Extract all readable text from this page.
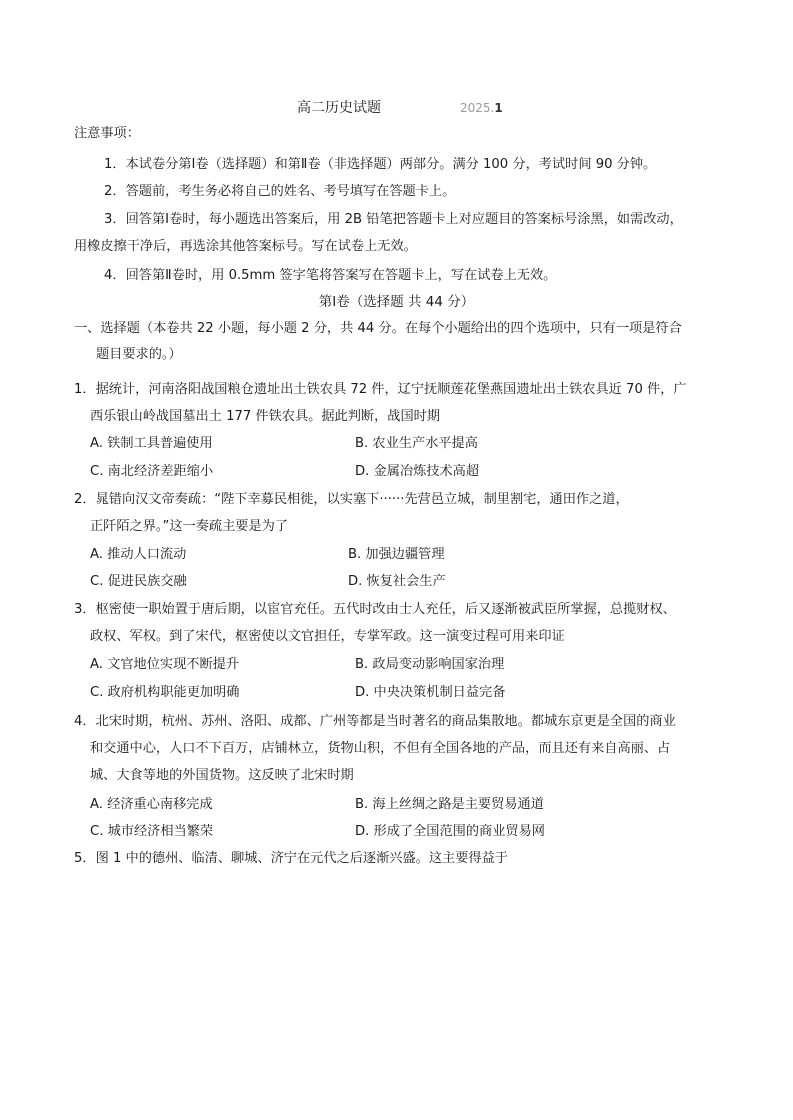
高二历史试题	2025.1
注意事项：
1．本试卷分第Ⅰ卷（选择题）和第Ⅱ卷（非选择题）两部分。满分 100 分，考试时间 90 分钟。
2．答题前，考生务必将自己的姓名、考号填写在答题卡上。
3．回答第Ⅰ卷时，每小题选出答案后，用 2B 铅笔把答题卡上对应题目的答案标号涂黑，如需改动，
用橡皮擦干净后，再选涂其他答案标号。写在试卷上无效。
4．回答第Ⅱ卷时，用 0.5mm 签字笔将答案写在答题卡上，写在试卷上无效。
第Ⅰ卷（选择题 共 44 分）
一、选择题（本卷共 22 小题，每小题 2 分，共 44 分。在每个小题给出的四个选项中，只有一项是符合
题目要求的。）
1．据统计，河南洛阳战国粮仓遗址出土铁农具 72 件，辽宁抚顺莲花堡燕国遗址出土铁农具近 70 件，广
西乐银山岭战国墓出土 177 件铁农具。据此判断，战国时期
A. 铁制工具普遍使用	B. 农业生产水平提高
C. 南北经济差距缩小	D. 金属冶炼技术高超
2．晁错向汉文帝奏疏：“陛下幸募民相徙，以实塞下······先营邑立城，制里割宅，通田作之道，
正阡陌之界。”这一奏疏主要是为了
A. 推动人口流动	B. 加强边疆管理
C. 促进民族交融	D. 恢复社会生产
3．枢密使一职始置于唐后期，以宦官充任。五代时改由士人充任，后又逐渐被武臣所掌握，总揽财权、
政权、军权。到了宋代，枢密使以文官担任，专掌军政。这一演变过程可用来印证
A. 文官地位实现不断提升	B. 政局变动影响国家治理
C. 政府机构职能更加明确	D. 中央决策机制日益完备
4．北宋时期，杭州、苏州、洛阳、成都、广州等都是当时著名的商品集散地。都城东京更是全国的商业
和交通中心，人口不下百万，店铺林立，货物山积，不但有全国各地的产品，而且还有来自高丽、占
城、大食等地的外国货物。这反映了北宋时期
A. 经济重心南移完成	B. 海上丝绸之路是主要贸易通道
C. 城市经济相当繁荣	D. 形成了全国范围的商业贸易网
5．图 1 中的德州、临清、聊城、济宁在元代之后逐渐兴盛。这主要得益于
